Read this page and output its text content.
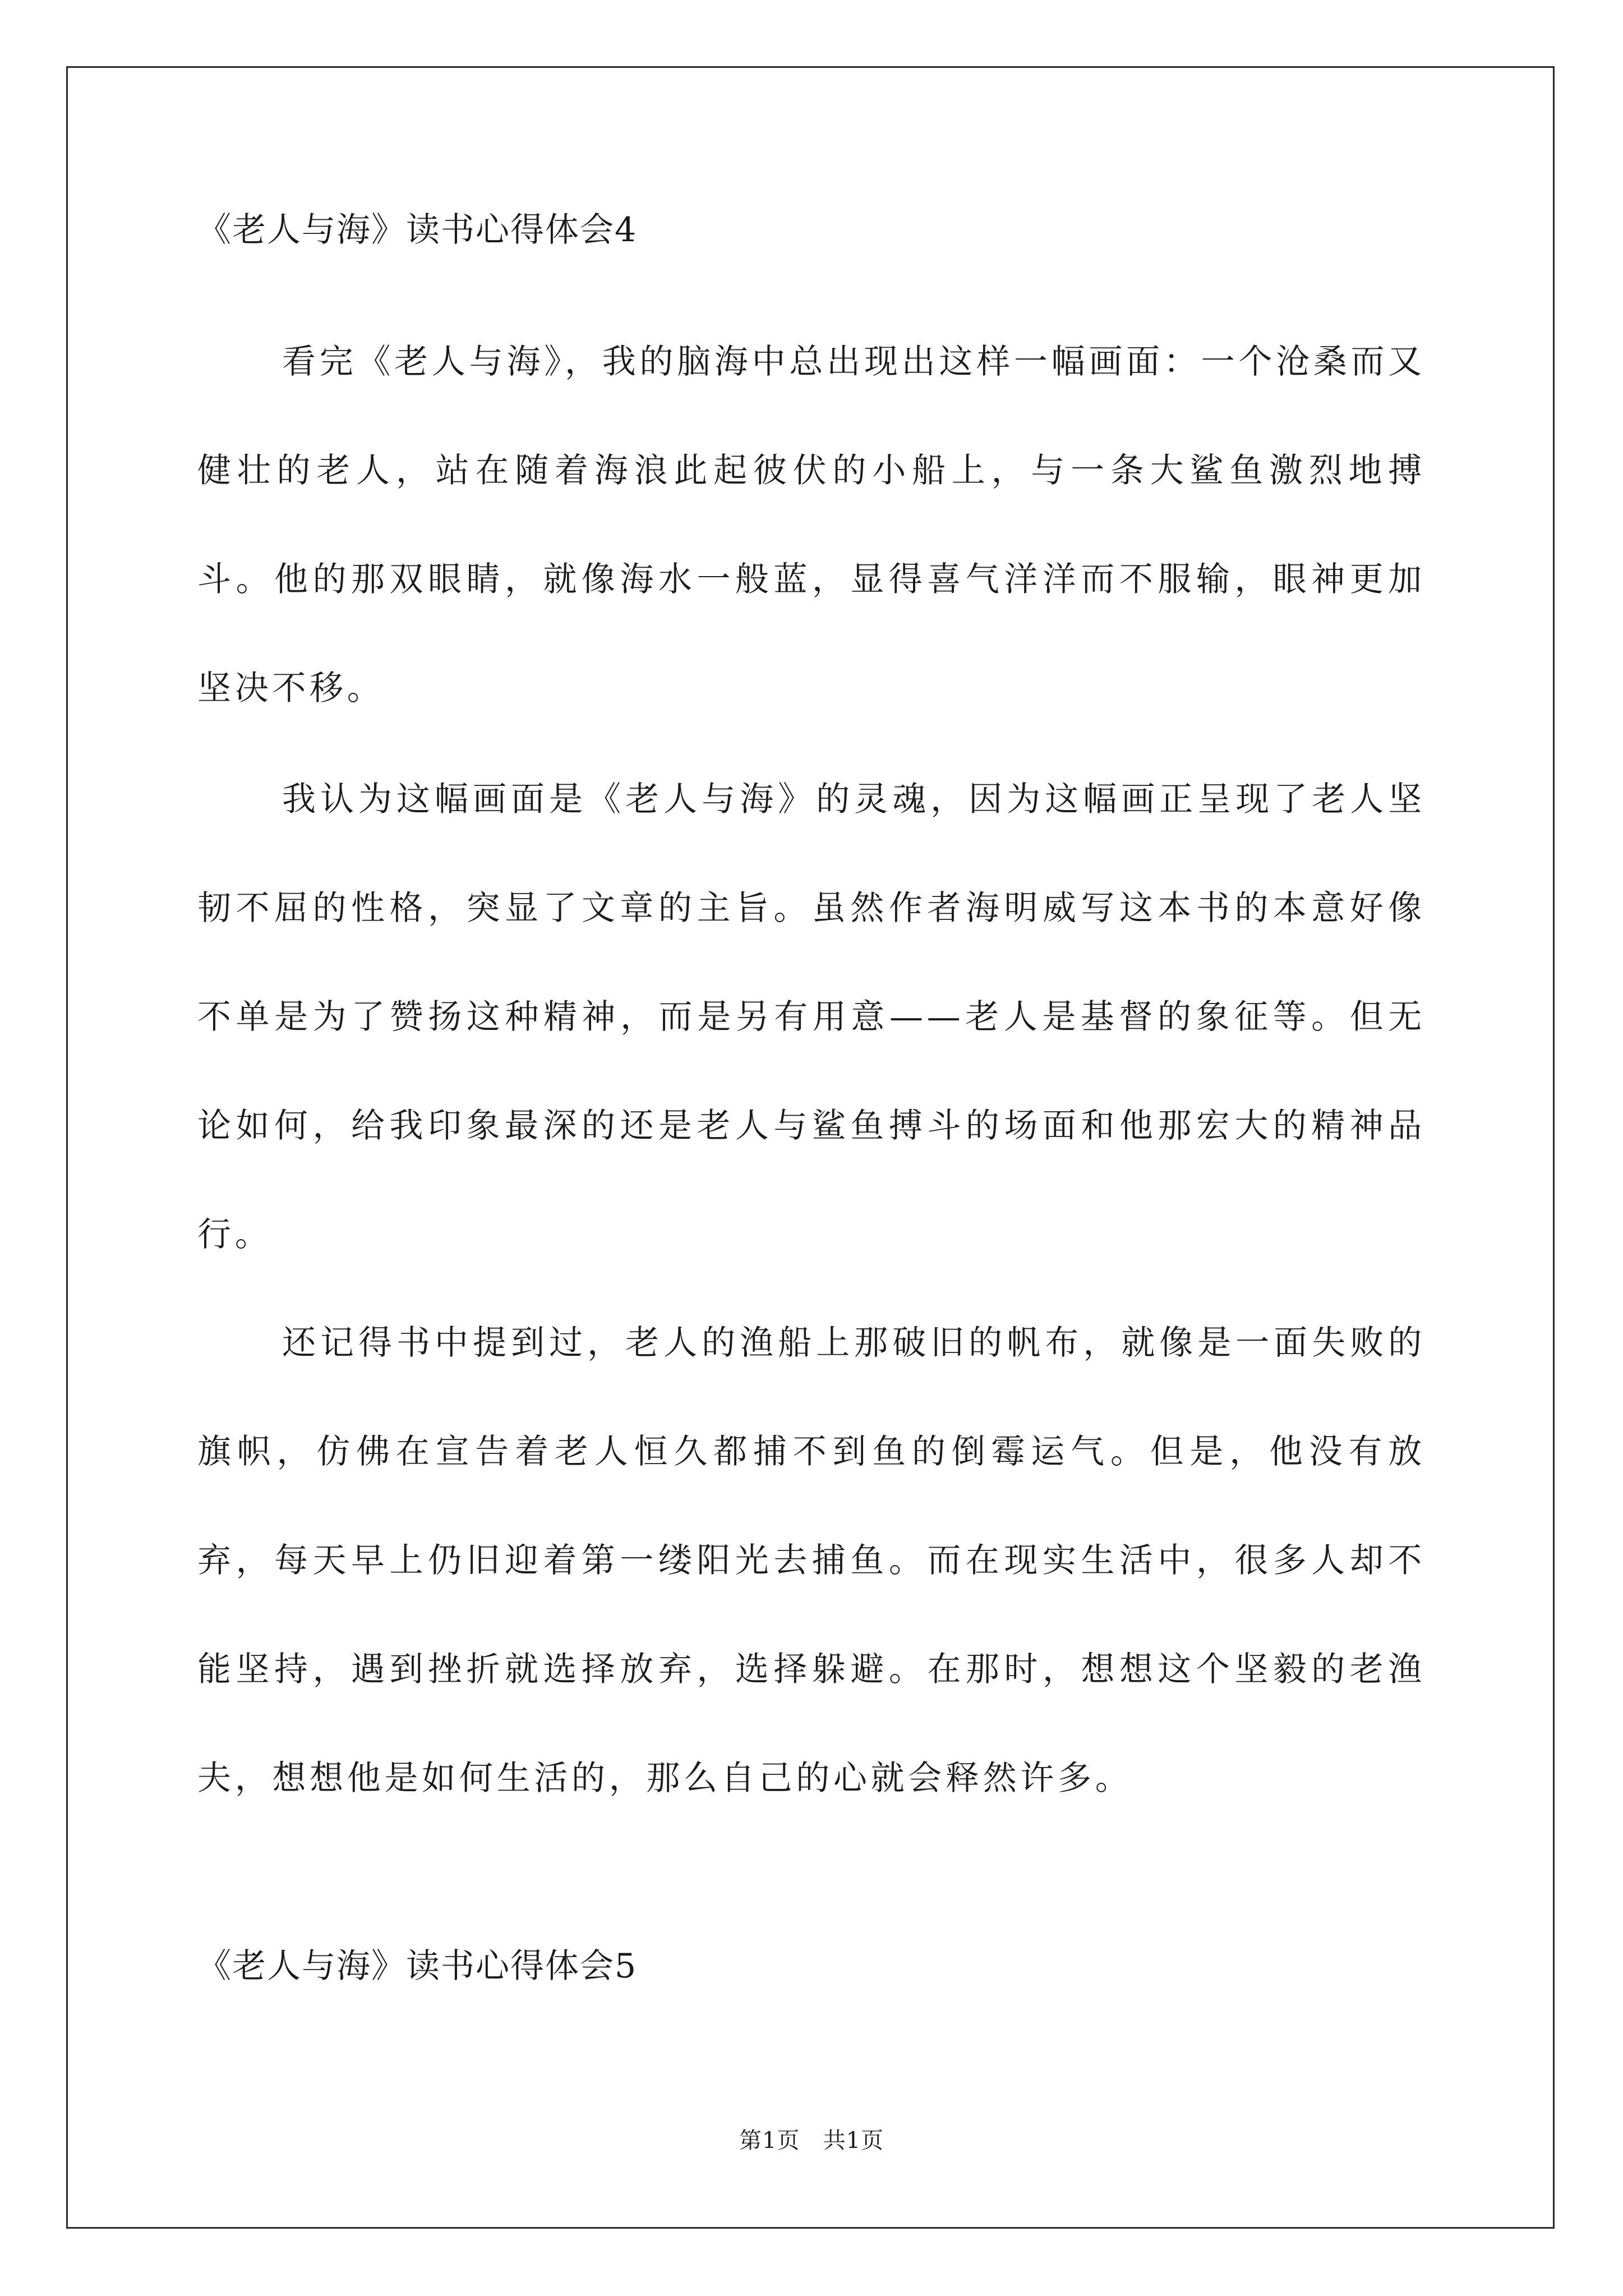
《老人与海》读书心得体会4
看完《老人与海》，我的脑海中总出现出这样一幅画面：一个沧桑而又健壮的老人，站在随着海浪此起彼伏的小船上，与一条大鲨鱼激烈地搏斗。他的那双眼睛，就像海水一般蓝，显得喜气洋洋而不服输，眼神更加坚决不移。
我认为这幅画面是《老人与海》的灵魂，因为这幅画正呈现了老人坚韧不屈的性格，突显了文章的主旨。虽然作者海明威写这本书的本意好像不单是为了赞扬这种精神，而是另有用意——老人是基督的象征等。但无论如何，给我印象最深的还是老人与鲨鱼搏斗的场面和他那宏大的精神品行。
还记得书中提到过，老人的渔船上那破旧的帆布，就像是一面失败的旗帜，仿佛在宣告着老人恒久都捕不到鱼的倒霉运气。但是，他没有放弃，每天早上仍旧迎着第一缕阳光去捕鱼。而在现实生活中，很多人却不能坚持，遇到挫折就选择放弃，选择躲避。在那时，想想这个坚毅的老渔夫，想想他是如何生活的，那么自己的心就会释然许多。
《老人与海》读书心得体会5
第1页 共1页
